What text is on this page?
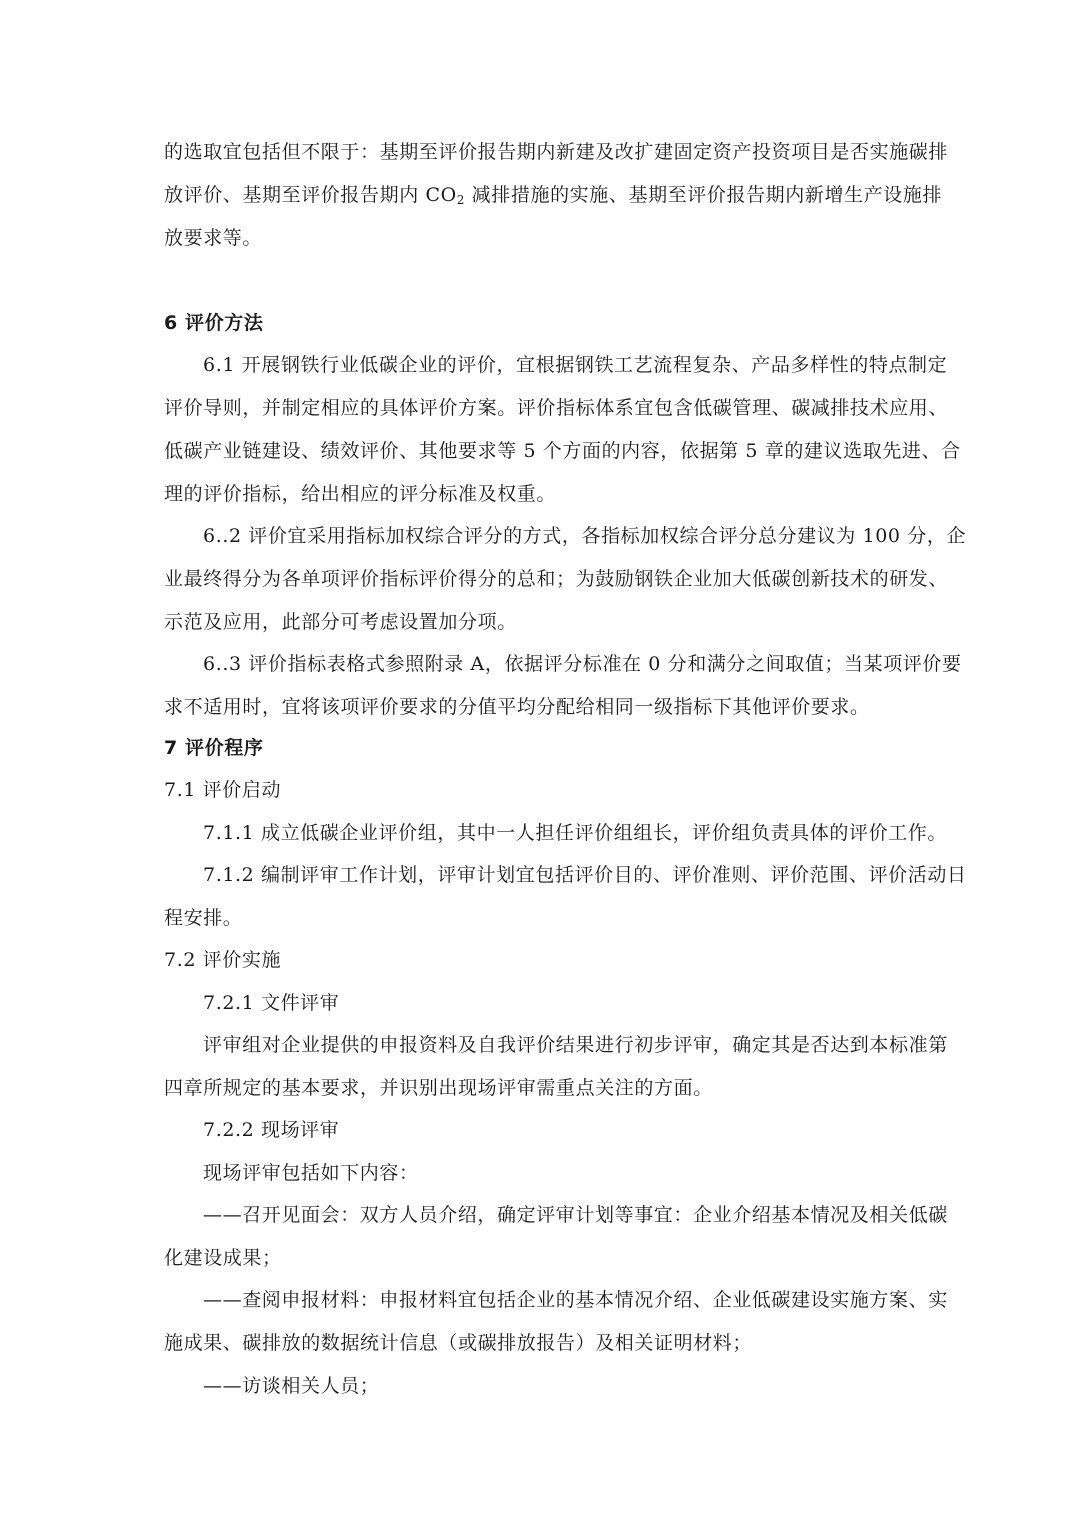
的选取宜包括但不限于：基期至评价报告期内新建及改扩建固定资产投资项目是否实施碳排
放评价、基期至评价报告期内 $CO_2$ 减排措施的实施、基期至评价报告期内新增生产设施排
放要求等。
6 评价方法
6.1 开展钢铁行业低碳企业的评价，宜根据钢铁工艺流程复杂、产品多样性的特点制定
评价导则，并制定相应的具体评价方案。评价指标体系宜包含低碳管理、碳减排技术应用、
低碳产业链建设、绩效评价、其他要求等 5 个方面的内容，依据第 5 章的建议选取先进、合
理的评价指标，给出相应的评分标准及权重。
6..2 评价宜采用指标加权综合评分的方式，各指标加权综合评分总分建议为 100 分，企
业最终得分为各单项评价指标评价得分的总和；为鼓励钢铁企业加大低碳创新技术的研发、
示范及应用，此部分可考虑设置加分项。
6..3 评价指标表格式参照附录 A，依据评分标准在 0 分和满分之间取值；当某项评价要
求不适用时，宜将该项评价要求的分值平均分配给相同一级指标下其他评价要求。
7 评价程序
7.1 评价启动
7.1.1 成立低碳企业评价组，其中一人担任评价组组长，评价组负责具体的评价工作。
7.1.2 编制评审工作计划，评审计划宜包括评价目的、评价准则、评价范围、评价活动日
程安排。
7.2 评价实施
7.2.1 文件评审
评审组对企业提供的申报资料及自我评价结果进行初步评审，确定其是否达到本标准第
四章所规定的基本要求，并识别出现场评审需重点关注的方面。
7.2.2 现场评审
现场评审包括如下内容：
——召开见面会：双方人员介绍，确定评审计划等事宜：企业介绍基本情况及相关低碳
化建设成果；
——查阅申报材料：申报材料宜包括企业的基本情况介绍、企业低碳建设实施方案、实
施成果、碳排放的数据统计信息（或碳排放报告）及相关证明材料；
——访谈相关人员；
